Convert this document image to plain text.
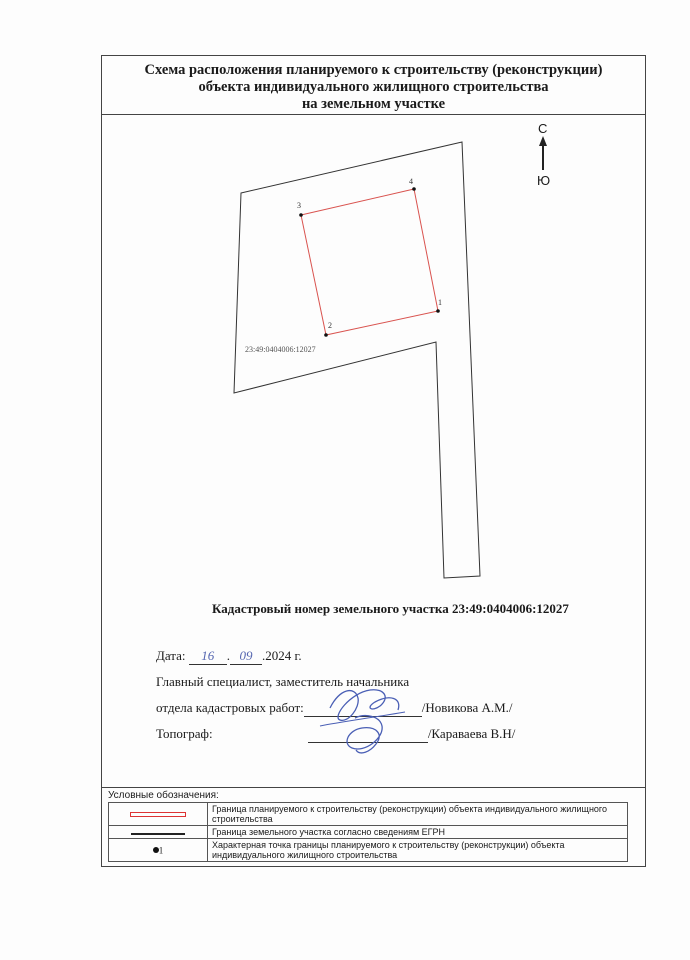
Схема расположения планируемого к строительству (реконструкции)
объекта индивидуального жилищного строительства
на земельном участке
С
Ю
23:49:0404006:12027
1
2
3
4
Кадастровый номер земельного участка 23:49:0404006:12027
Дата: 16 . 09 .2024 г.
Главный специалист, заместитель начальника
отдела кадастровых работ:	/Новикова А.М./
Топограф:	/Караваева В.Н/
Условные обозначения:
	Граница планируемого к строительству (реконструкции) объекта индивидуального жилищного строительства
	Граница земельного участка согласно сведениям ЕГРН
1	Характерная точка границы планируемого к строительству (реконструкции) объекта индивидуального жилищного строительства
